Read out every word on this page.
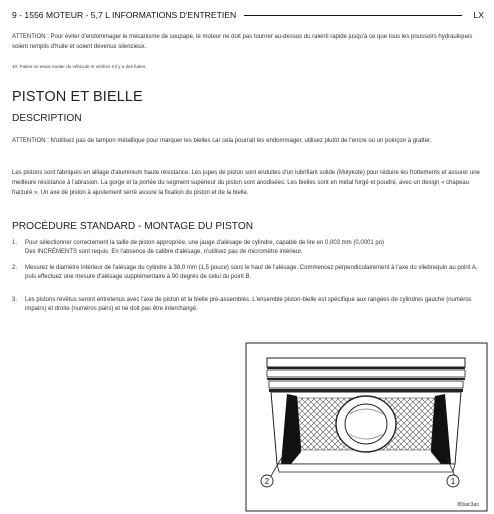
9 - 1556 MOTEUR - 5,7 L INFORMATIONS D'ENTRETIEN	LX
ATTENTION : Pour éviter d'endommager le mécanisme de soupape, le moteur ne doit pas tourner au-dessus du ralenti rapide jusqu'à ce que tous les poussoirs hydrauliques soient remplis d'huile et soient devenus silencieux.
10. Faites un essai routier du véhicule et vérifiez s'il y a des fuites.
PISTON ET BIELLE
DESCRIPTION
ATTENTION : N'utilisez pas de tampon métallique pour marquer les bielles car cela pourrait les endommager, utilisez plutôt de l'encre ou un poinçon à gratter.
Les pistons sont fabriqués en alliage d'aluminium haute résistance. Les jupes de piston sont enduites d'un lubrifiant solide (Molykote) pour réduire les frottements et assurer une meilleure résistance à l'abrasion. La gorge et la portée du segment supérieur du piston sont anodisées. Les bielles sont en métal forgé et poudré, avec un design « chapeau fracturé ». Un axe de piston à ajustement serré assure la fixation du piston et de la bielle.
PROCÉDURE STANDARD - MONTAGE DU PISTON
1. Pour sélectionner correctement la taille de piston appropriée, une jauge d'alésage de cylindre, capable de lire en 0,003 mm (0,0001 po)
Des INCRÉMENTS sont requis. En l'absence de calibre d'alésage, n'utilisez pas de micromètre intérieur.
2. Mesurez le diamètre intérieur de l'alésage du cylindre à 38,0 mm (1,5 pouce) sous le haut de l'alésage. Commencez perpendiculairement à l'axe du vilebrequin au point A, puis effectuez une mesure d'alésage supplémentaire à 90 degrés de celui du point B.
3. Les pistons revêtus seront entretenus avec l'axe de piston et la bielle pré-assemblés. L'ensemble piston-bielle est spécifique aux rangées de cylindres gauche (numéros impairs) et droite (numéros pairs) et ne doit pas être interchangé.
2	1
80sac3ao
